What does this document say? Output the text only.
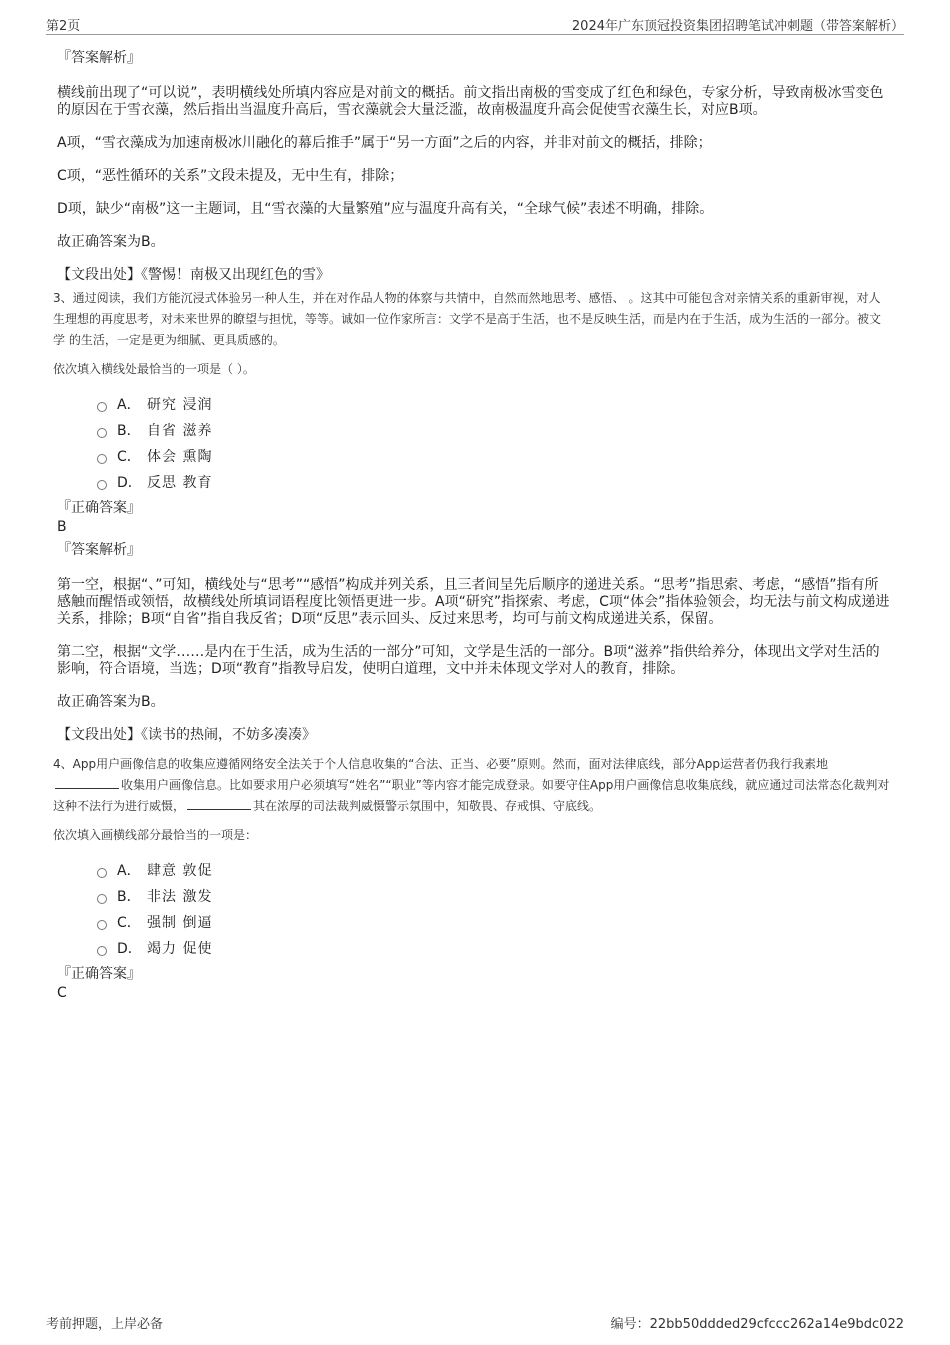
第2页	2024年广东顶冠投资集团招聘笔试冲刺题（带答案解析）

『答案解析』

横线前出现了“可以说”，表明横线处所填内容应是对前文的概括。前文指出南极的雪变成了红色和绿色，专家分析，导致南极冰雪变色的原因在于雪衣藻，然后指出当温度升高后，雪衣藻就会大量泛滥，故南极温度升高会促使雪衣藻生长，对应B项。

A项，“雪衣藻成为加速南极冰川融化的幕后推手”属于“另一方面”之后的内容，并非对前文的概括，排除；

C项，“恶性循环的关系”文段未提及，无中生有，排除；

D项，缺少“南极”这一主题词，且“雪衣藻的大量繁殖”应与温度升高有关，“全球气候”表述不明确，排除。

故正确答案为B。

【文段出处】《警惕！南极又出现红色的雪》

3、通过阅读，我们方能沉浸式体验另一种人生，并在对作品人物的体察与共情中，自然而然地思考、感悟、 。这其中可能包含对亲情关系的重新审视，对人生理想的再度思考，对未来世界的瞭望与担忧，等等。诚如一位作家所言：文学不是高于生活，也不是反映生活，而是内在于生活，成为生活的一部分。被文学 的生活，一定是更为细腻、更具质感的。

依次填入横线处最恰当的一项是（ ）。

A． 研究 浸润
B． 自省 滋养
C． 体会 熏陶
D． 反思 教育

『正确答案』

B

『答案解析』

第一空，根据“、”可知，横线处与“思考”“感悟”构成并列关系，且三者间呈先后顺序的递进关系。“思考”指思索、考虑，“感悟”指有所感触而醒悟或领悟，故横线处所填词语程度比领悟更进一步。A项“研究”指探索、考虑，C项“体会”指体验领会，均无法与前文构成递进关系，排除；B项“自省”指自我反省；D项“反思”表示回头、反过来思考，均可与前文构成递进关系，保留。

第二空，根据“文学……是内在于生活，成为生活的一部分”可知，文学是生活的一部分。B项“滋养”指供给养分，体现出文学对生活的影响，符合语境，当选；D项“教育”指教导启发，使明白道理，文中并未体现文学对人的教育，排除。

故正确答案为B。

【文段出处】《读书的热闹，不妨多凑凑》

4、App用户画像信息的收集应遵循网络安全法关于个人信息收集的“合法、正当、必要”原则。然而，面对法律底线，部分App运营者仍我行我素地收集用户画像信息。比如要求用户必须填写“姓名”“职业”等内容才能完成登录。如要守住App用户画像信息收集底线，就应通过司法常态化裁判对这种不法行为进行威慑，	其在浓厚的司法裁判威慑警示氛围中，知敬畏、存戒惧、守底线。

依次填入画横线部分最恰当的一项是：

A． 肆意 敦促
B． 非法 激发
C． 强制 倒逼
D． 竭力 促使

『正确答案』

C

考前押题，上岸必备	编号：22bb50ddded29cfccc262a14e9bdc022
